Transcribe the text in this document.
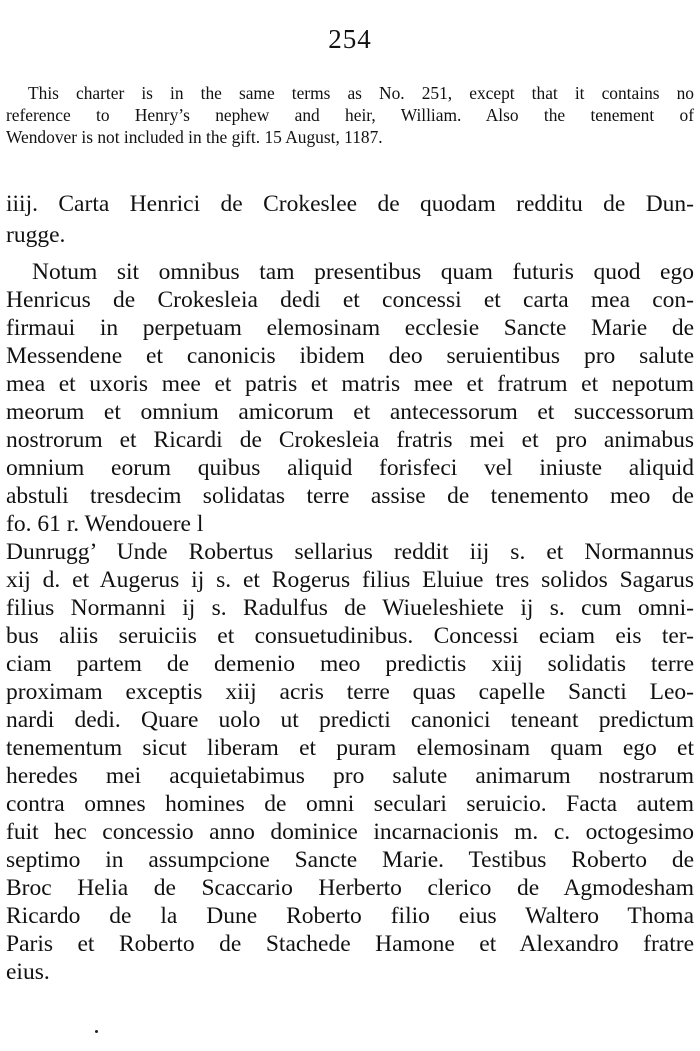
254
This charter is in the same terms as No. 251, except that it contains no
reference to Henry’s nephew and heir, William. Also the tenement of
Wendover is not included in the gift. 15 August, 1187.
iiij. Carta Henrici de Crokeslee de quodam redditu de Dun-
rugge.
Notum sit omnibus tam presentibus quam futuris quod ego
Henricus de Crokesleia dedi et concessi et carta mea con-
firmaui in perpetuam elemosinam ecclesie Sancte Marie de
Messendene et canonicis ibidem deo seruientibus pro salute
mea et uxoris mee et patris et matris mee et fratrum et nepotum
meorum et omnium amicorum et antecessorum et successorum
nostrorum et Ricardi de Crokesleia fratris mei et pro animabus
omnium eorum quibus aliquid forisfeci vel iniuste aliquid
abstuli tresdecim solidatas terre assise de tenemento meo de
fo. 61 r. Wendouere l
Dunrugg’ Unde Robertus sellarius reddit iij s. et Normannus
xij d. et Augerus ij s. et Rogerus filius Eluiue tres solidos Sagarus
filius Normanni ij s. Radulfus de Wiueleshiete ij s. cum omni-
bus aliis seruiciis et consuetudinibus. Concessi eciam eis ter-
ciam partem de demenio meo predictis xiij solidatis terre
proximam exceptis xiij acris terre quas capelle Sancti Leo-
nardi dedi. Quare uolo ut predicti canonici teneant predictum
tenementum sicut liberam et puram elemosinam quam ego et
heredes mei acquietabimus pro salute animarum nostrarum
contra omnes homines de omni seculari seruicio. Facta autem
fuit hec concessio anno dominice incarnacionis m. c. octogesimo
septimo in assumpcione Sancte Marie. Testibus Roberto de
Broc Helia de Scaccario Herberto clerico de Agmodesham
Ricardo de la Dune Roberto filio eius Waltero Thoma
Paris et Roberto de Stachede Hamone et Alexandro fratre
eius.
